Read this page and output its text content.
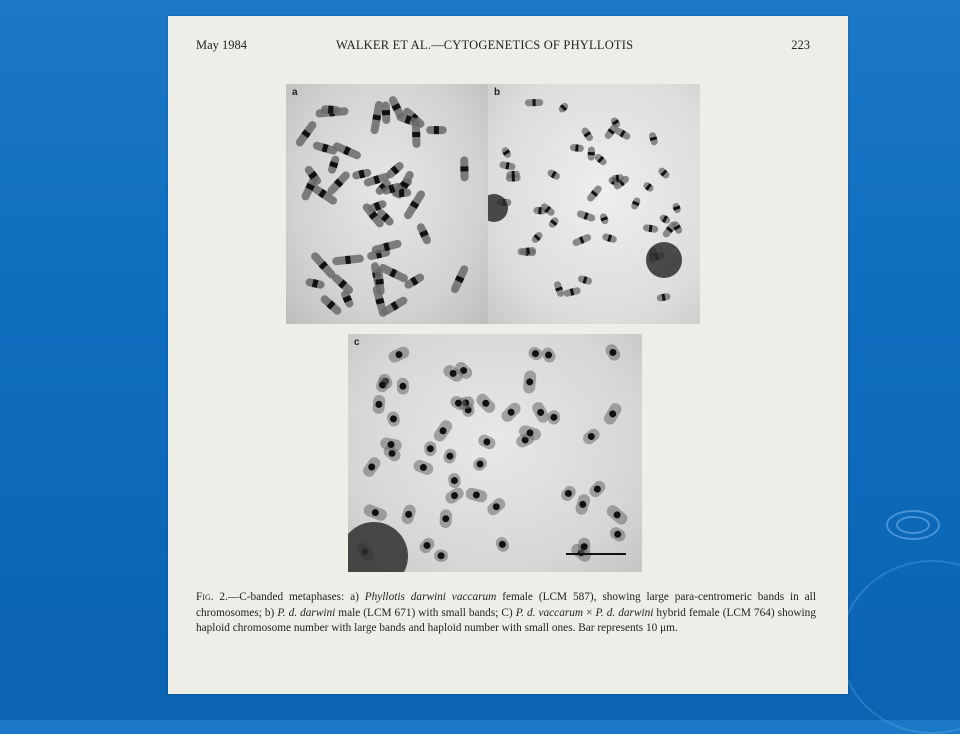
May 1984	WALKER ET AL.—CYTOGENETICS OF PHYLLOTIS	223
a	b
c
Fig. 2.—C-banded metaphases: a) Phyllotis darwini vaccarum female (LCM 587), showing large para-centromeric bands in all chromosomes; b) P. d. darwini male (LCM 671) with small bands; C) P. d. vaccarum × P. d. darwini hybrid female (LCM 764) showing haploid chromosome number with large bands and haploid number with small ones. Bar represents 10 μm.
